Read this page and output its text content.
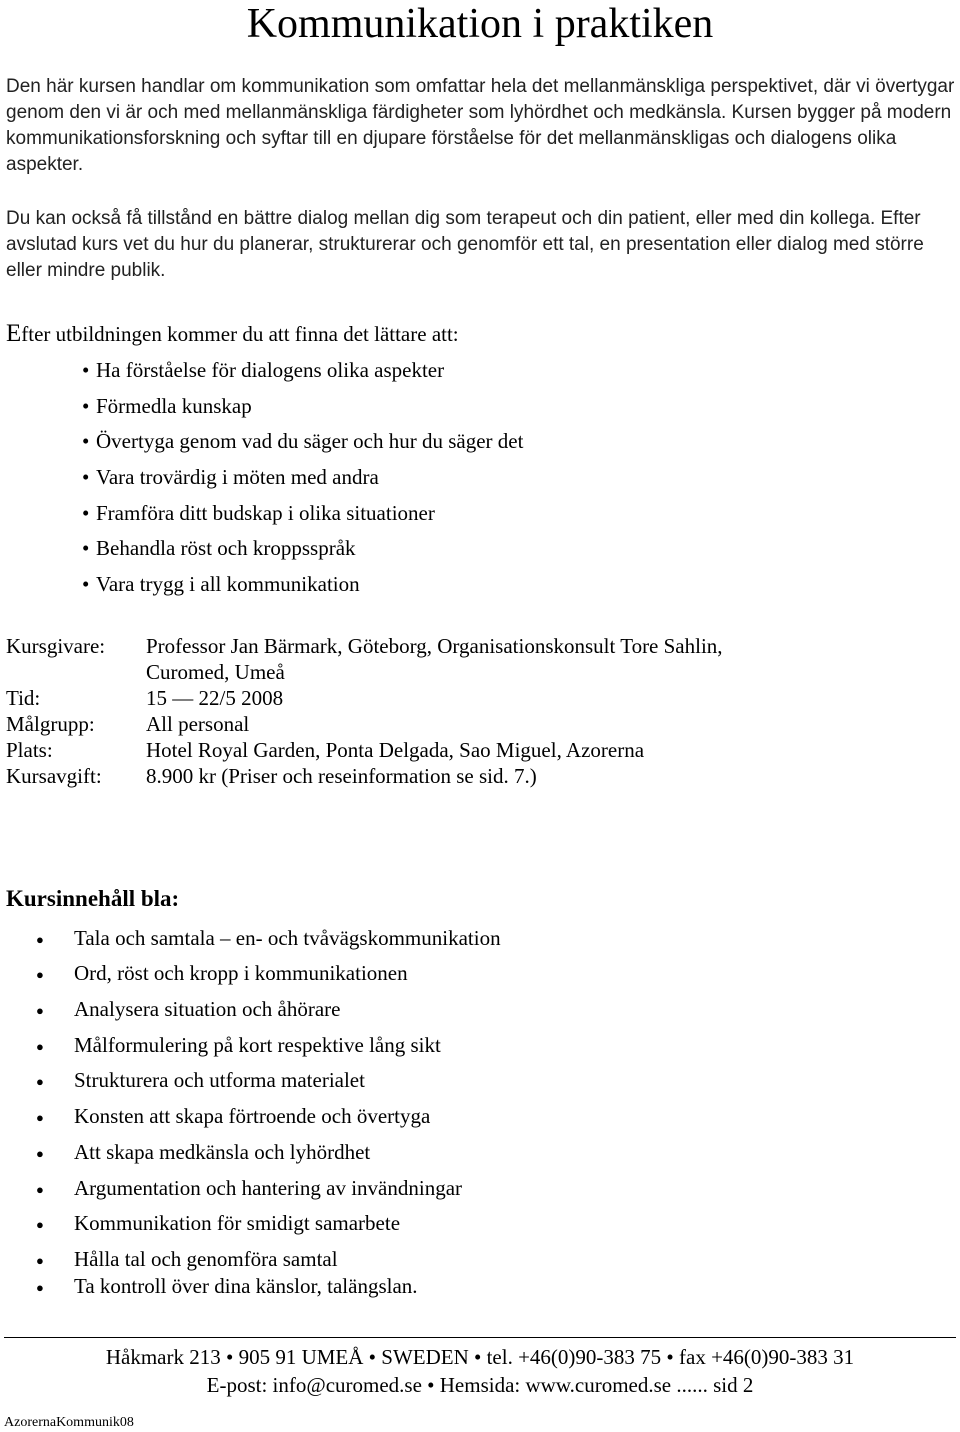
Kommunikation i praktiken
Den här kursen handlar om kommunikation som omfattar hela det mellanmänskliga perspektivet, där vi övertygar genom den vi är och med mellanmänskliga färdigheter som lyhördhet och medkänsla. Kursen bygger på modern kommunikationsforskning och syftar till en djupare förståelse för det mellanmänskligas och dialogens olika aspekter.
Du kan också få tillstånd en bättre dialog mellan dig som terapeut och din patient, eller med din kollega. Efter avslutad kurs vet du hur du planerar, strukturerar och genomför ett tal, en presentation eller dialog med större eller mindre publik.
Efter utbildningen kommer du att finna det lättare att:
• Ha förståelse för dialogens olika aspekter
• Förmedla kunskap
• Övertyga genom vad du säger och hur du säger det
• Vara trovärdig i möten med andra
• Framföra ditt budskap i olika situationer
• Behandla röst och kroppsspråk
• Vara trygg i all kommunikation
Kursgivare: Professor Jan Bärmark, Göteborg, Organisationskonsult Tore Sahlin,
Curomed, Umeå
Tid:	15 — 22/5 2008
Målgrupp: All personal
Plats:	Hotel Royal Garden, Ponta Delgada, Sao Miguel, Azorerna
Kursavgift: 8.900 kr (Priser och reseinformation se sid. 7.)
Kursinnehåll bla:
● Tala och samtala – en- och tvåvägskommunikation
● Ord, röst och kropp i kommunikationen
● Analysera situation och åhörare
● Målformulering på kort respektive lång sikt
● Strukturera och utforma materialet
● Konsten att skapa förtroende och övertyga
● Att skapa medkänsla och lyhördhet
● Argumentation och hantering av invändningar
● Kommunikation för smidigt samarbete
● Hålla tal och genomföra samtal
● Ta kontroll över dina känslor, talängslan.
Håkmark 213 • 905 91 UMEÅ • SWEDEN • tel. +46(0)90-383 75 • fax +46(0)90-383 31
E-post: info@curomed.se • Hemsida: www.curomed.se ...... sid 2
AzorernaKommunik08
